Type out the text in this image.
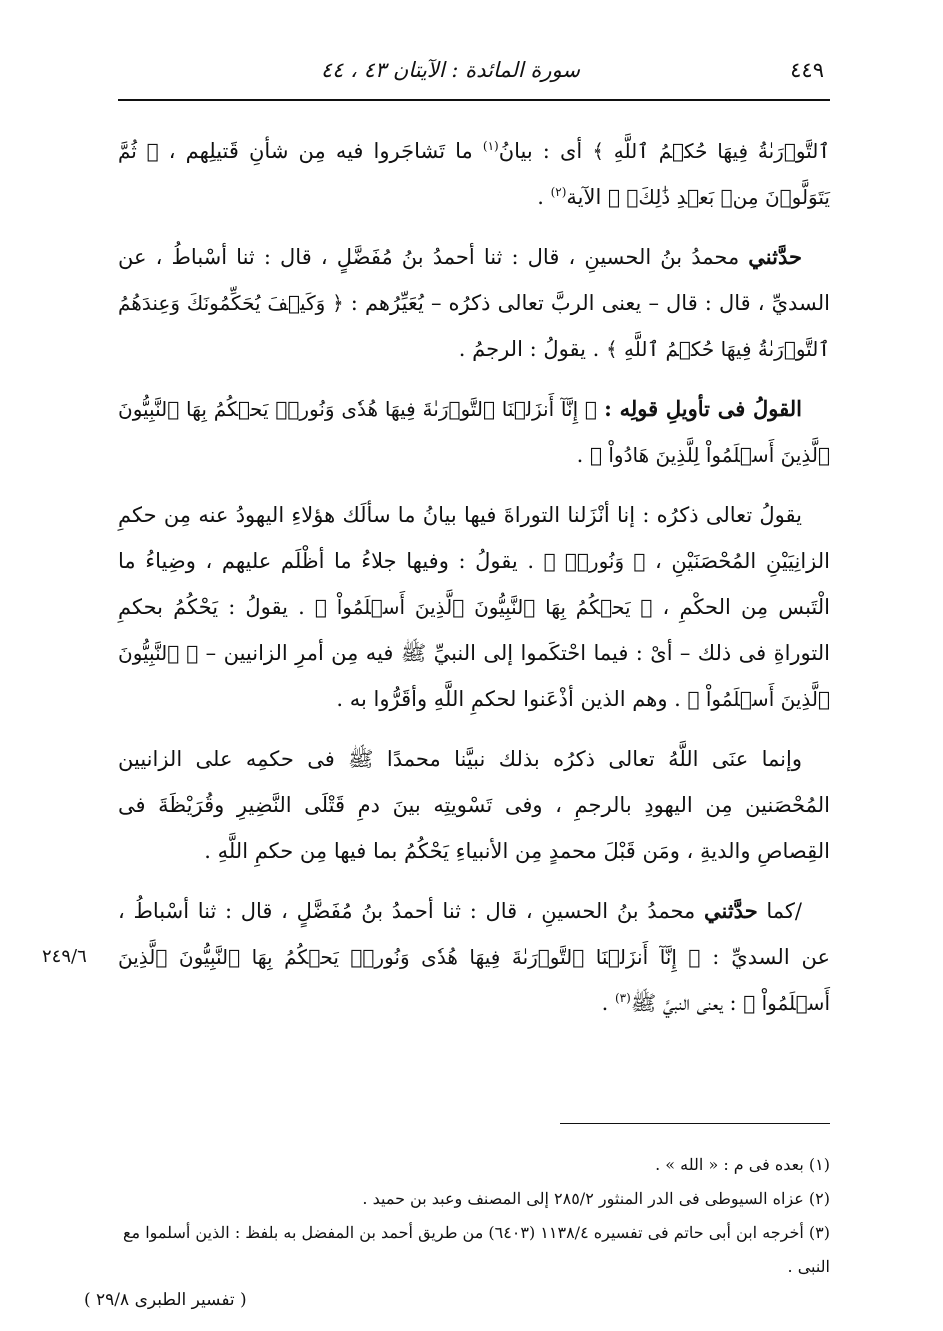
٤٤٩
سورة المائدة : الآيتان ٤٣ ، ٤٤

ٱلتَّوۡرَىٰةُ فِيهَا حُكۡمُ ٱللَّهِ ﴾ أى : بيانُ$^{(١)}$ ما تَشاجَروا فيه مِن شأنِ قَتيلِهم ، ﴿ ثُمَّ يَتَوَلَّوۡنَ مِنۢ بَعۡدِ ذَٰلِكَۚ ﴾ الآية$^{(٢)}$ .

حدَّثني محمدُ بنُ الحسينِ ، قال : ثنا أحمدُ بنُ مُفَضَّلٍ ، قال : ثنا أسْباطُ ، عن السديِّ ، قال : قال – يعنى الربَّ تعالى ذكرُه – يُعَيِّرُهم : ﴿ وَكَيۡفَ يُحَكِّمُونَكَ وَعِندَهُمُ ٱلتَّوۡرَىٰةُ فِيهَا حُكۡمُ ٱللَّهِ ﴾ . يقولُ : الرجمُ .

القولُ فى تأويلِ قولِه : ﴿ إِنَّآ أَنزَلۡنَا ٱلتَّوۡرَىٰةَ فِيهَا هُدٗى وَنُورٞۚ يَحۡكُمُ بِهَا ٱلنَّبِيُّونَ ٱلَّذِينَ أَسۡلَمُواْ لِلَّذِينَ هَادُواْ ﴾ .

يقولُ تعالى ذكرُه : إنا أنْزَلنا التوراةَ فيها بيانُ ما سألَك هؤلاءِ اليهودُ عنه مِن حكمِ الزانِيَيْنِ المُحْصَنَيْنِ ، ﴿ وَنُورٞۚ ﴾ . يقولُ : وفيها جلاءُ ما أظْلَم عليهم ، وضِياءُ ما الْتَبس مِن الحكْمِ ، ﴿ يَحۡكُمُ بِهَا ٱلنَّبِيُّونَ ٱلَّذِينَ أَسۡلَمُواْ ﴾ . يقولُ : يَحْكُمُ بحكمِ التوراةِ فى ذلك – أىْ : فيما احْتكَموا إلى النبيِّ ﷺ فيه مِن أمرِ الزانيين – ﴿ ٱلنَّبِيُّونَ ٱلَّذِينَ أَسۡلَمُواْ ﴾ . وهم الذين أذْعَنوا لحكمِ اللَّهِ وأقَرُّوا به .

وإنما عنَى اللَّهُ تعالى ذكرُه بذلك نبيَّنا محمدًا ﷺ فى حكمِه على الزانيين المُحْصَنين مِن اليهودِ بالرجمِ ، وفى تَسْويتِه بينَ دمِ قَتْلَى النَّضِيرِ وقُرَيْظَةَ فى القِصاصِ والديةِ ، ومَن قَبْلَ محمدٍ مِن الأنبياءِ يَحْكُمُ بما فيها مِن حكمِ اللَّهِ .

/كما حدَّثني محمدُ بنُ الحسينِ ، قال : ثنا أحمدُ بنُ مُفَضَّلٍ ، قال : ثنا أسْباطُ ، عن السديِّ : ﴿ إِنَّآ أَنزَلۡنَا ٱلتَّوۡرَىٰةَ فِيهَا هُدٗى وَنُورٞۚ يَحۡكُمُ بِهَا ٱلنَّبِيُّونَ ٱلَّذِينَ أَسۡلَمُواْ ﴾ : يعنى النبيَّ ﷺ$^{(٣)}$ .

٢٤٩/٦

(١) بعده فى م : « الله » .

(٢) عزاه السيوطى فى الدر المنثور ٢٨٥/٢ إلى المصنف وعبد بن حميد .

(٣) أخرجه ابن أبى حاتم فى تفسيره ١١٣٨/٤ (٦٤٠٣) من طريق أحمد بن المفضل به بلفظ : الذين أسلموا مع النبى .

( تفسير الطبرى ٢٩/٨ )
